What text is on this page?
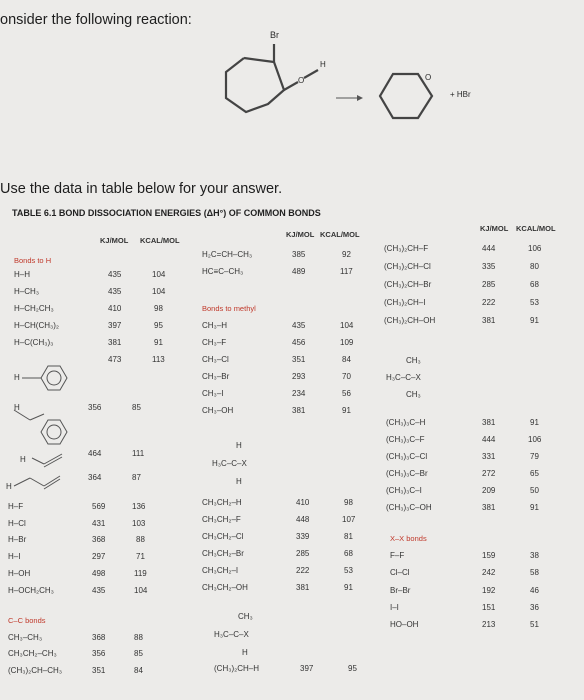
onsider the following reaction:
Br
H
O	O
+ HBr
Use the data in table below for your answer.
TABLE 6.1 BOND DISSOCIATION ENERGIES (ΔH°) OF COMMON BONDS
KJ/MOL KCAL/MOL
KJ/MOL KCAL/MOL
KJ/MOL KCAL/MOL
Bonds to H
H–H	435	104
H–CH₃	435	104
H–CH₂CH₃	410	98
H–CH(CH₃)₂	397	95
H–C(CH₃)₃	381	91
473	113
H
H	356	85
H
464	111
H
364	87
H–F	569	136
H–Cl	431	103
H–Br	368	88
H–I	297	71
H–OH	498	119
H–OCH₂CH₃	435	104
C–C bonds
CH₃–CH₃	368	88
CH₃CH₂–CH₃	356	85
(CH₃)₂CH–CH₃	351	84
H₂C=CH–CH₃	385	92
HC≡C–CH₃	489	117
Bonds to methyl
CH₃–H	435	104
CH₃–F	456	109
CH₃–Cl	351	84
CH₃–Br	293	70
CH₃–I	234	56
CH₃–OH	381	91
H
H₃C–C–X
H
CH₃CH₂–H	410	98
CH₃CH₂–F	448	107
CH₃CH₂–Cl	339	81
CH₃CH₂–Br	285	68
CH₃CH₂–I	222	53
CH₃CH₂–OH	381	91
CH₃
H₃C–C–X
H
(CH₃)₂CH–H	397	95
(CH₃)₂CH–F	444	106
(CH₃)₂CH–Cl	335	80
(CH₃)₂CH–Br	285	68
(CH₃)₂CH–I	222	53
(CH₃)₂CH–OH	381	91
CH₃
H₃C–C–X
CH₃
(CH₃)₃C–H	381	91
(CH₃)₃C–F	444	106
(CH₃)₃C–Cl	331	79
(CH₃)₃C–Br	272	65
(CH₃)₃C–I	209	50
(CH₃)₃C–OH	381	91
X–X bonds
F–F	159	38
Cl–Cl	242	58
Br–Br	192	46
I–I	151	36
HO–OH	213	51
